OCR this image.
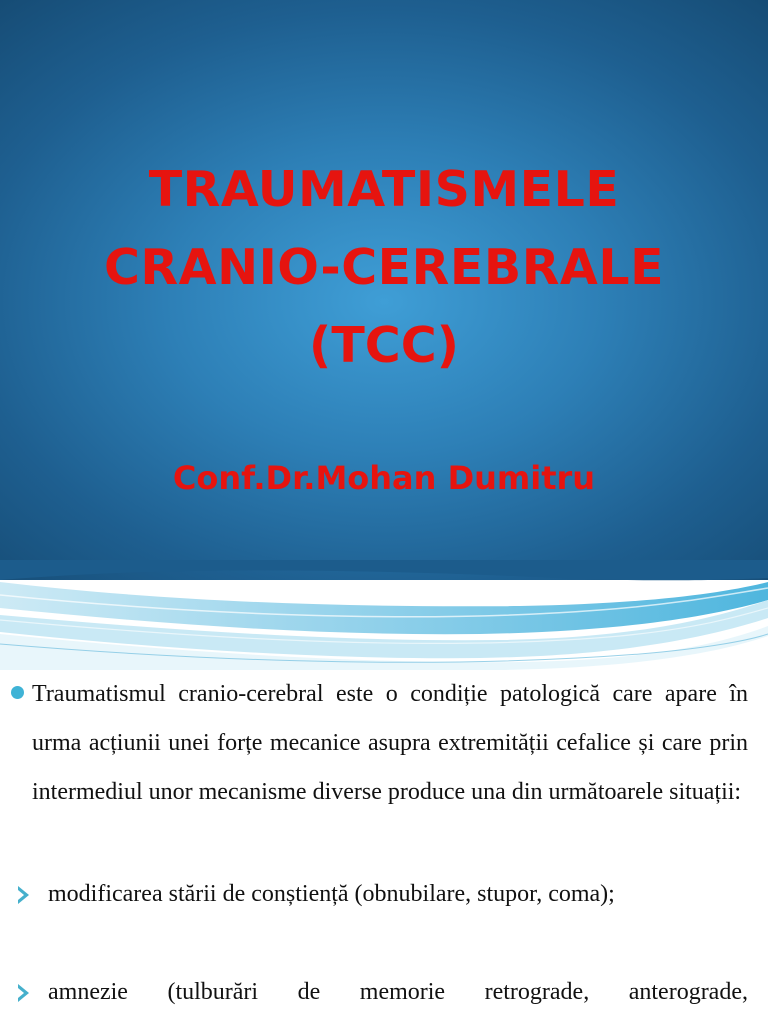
TRAUMATISMELE
CRANIO-CEREBRALE
(TCC)
Conf.Dr.Mohan Dumitru

Traumatismul cranio-cerebral este o condiție patologică care apare în urma acțiunii unei forțe mecanice asupra extremității cefalice și care prin intermediul unor mecanisme diverse produce una din următoarele situații:

modificarea stării de conștiență (obnubilare, stupor, coma);

amnezie (tulburări de memorie retrograde, anterograde,
